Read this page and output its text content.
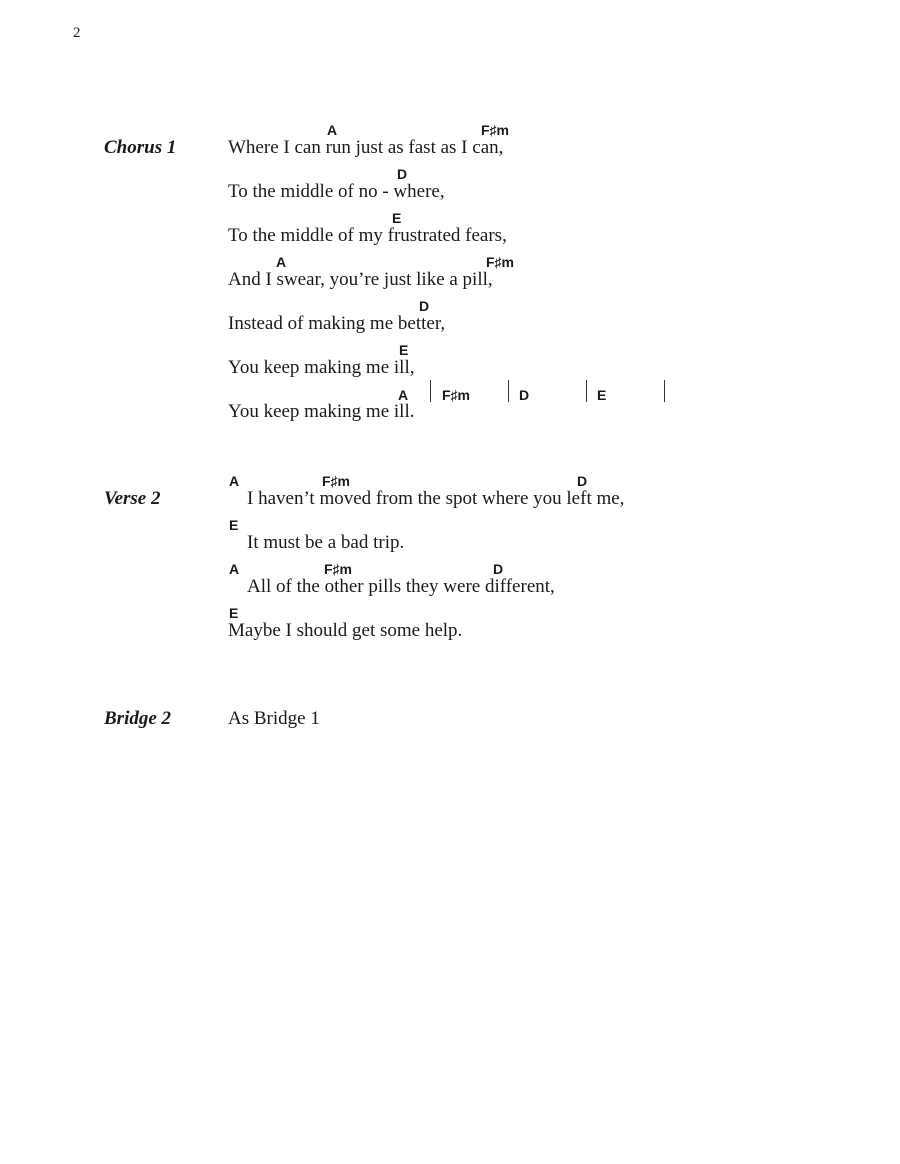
2
Chorus 1
A	F♯m
Where I can run just as fast as I can,
D
To the middle of no - where,
E
To the middle of my frustrated fears,
A	F♯m
And I swear, you’re just like a pill,
D
Instead of making me better,
E
You keep making me ill,
A F♯m	D	E
You keep making me ill.
Verse 2
A	F♯m	D
I haven’t moved from the spot where you left me,
E
It must be a bad trip.
A	F♯m	D
All of the other pills they were different,
E
Maybe I should get some help.
Bridge 2	As Bridge 1
